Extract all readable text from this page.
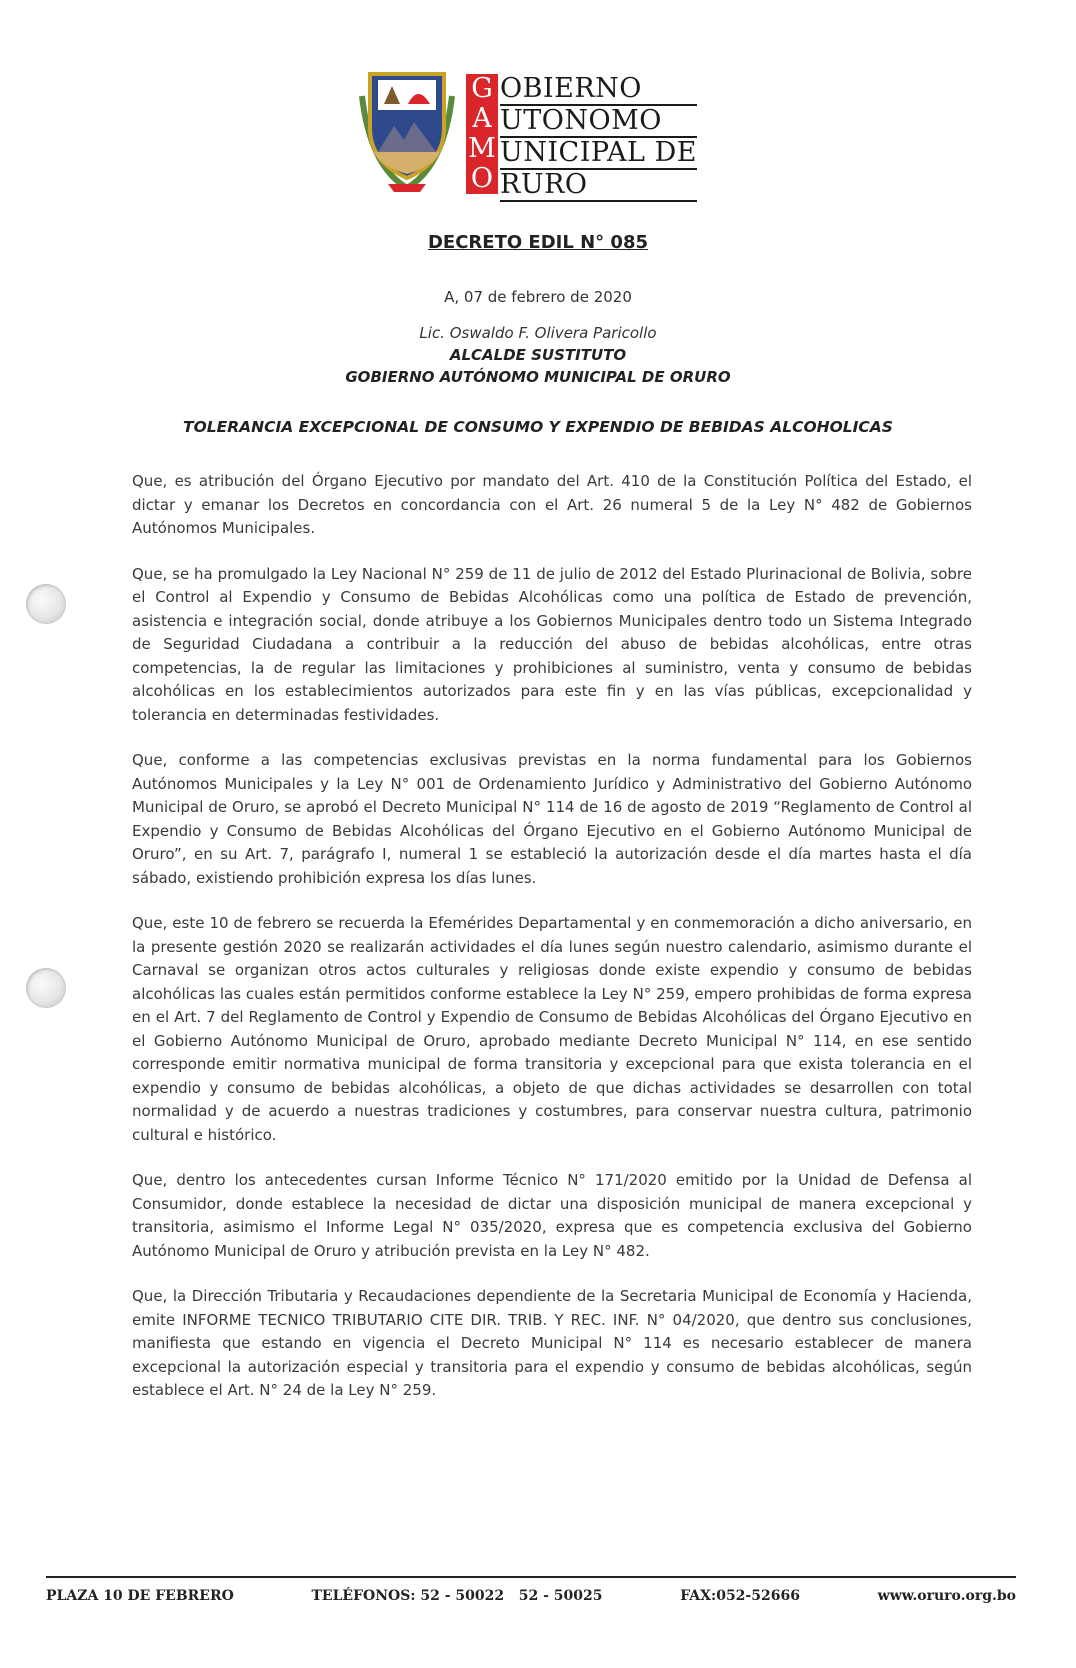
G
A
M
O
OBIERNO
UTONOMO
UNICIPAL DE
RURO
DECRETO EDIL N° 085
A, 07 de febrero de 2020
Lic. Oswaldo F. Olivera Paricollo
ALCALDE SUSTITUTO
GOBIERNO AUTÓNOMO MUNICIPAL DE ORURO
TOLERANCIA EXCEPCIONAL DE CONSUMO Y EXPENDIO DE BEBIDAS ALCOHOLICAS

Que, es atribución del Órgano Ejecutivo por mandato del Art. 410 de la Constitución Política del Estado, el dictar y emanar los Decretos en concordancia con el Art. 26 numeral 5 de la Ley N° 482 de Gobiernos Autónomos Municipales.

Que, se ha promulgado la Ley Nacional N° 259 de 11 de julio de 2012 del Estado Plurinacional de Bolivia, sobre el Control al Expendio y Consumo de Bebidas Alcohólicas como una política de Estado de prevención, asistencia e integración social, donde atribuye a los Gobiernos Municipales dentro todo un Sistema Integrado de Seguridad Ciudadana a contribuir a la reducción del abuso de bebidas alcohólicas, entre otras competencias, la de regular las limitaciones y prohibiciones al suministro, venta y consumo de bebidas alcohólicas en los establecimientos autorizados para este fin y en las vías públicas, excepcionalidad y tolerancia en determinadas festividades.

Que, conforme a las competencias exclusivas previstas en la norma fundamental para los Gobiernos Autónomos Municipales y la Ley N° 001 de Ordenamiento Jurídico y Administrativo del Gobierno Autónomo Municipal de Oruro, se aprobó el Decreto Municipal N° 114 de 16 de agosto de 2019 “Reglamento de Control al Expendio y Consumo de Bebidas Alcohólicas del Órgano Ejecutivo en el Gobierno Autónomo Municipal de Oruro”, en su Art. 7, parágrafo I, numeral 1 se estableció la autorización desde el día martes hasta el día sábado, existiendo prohibición expresa los días lunes.

Que, este 10 de febrero se recuerda la Efemérides Departamental y en conmemoración a dicho aniversario, en la presente gestión 2020 se realizarán actividades el día lunes según nuestro calendario, asimismo durante el Carnaval se organizan otros actos culturales y religiosas donde existe expendio y consumo de bebidas alcohólicas las cuales están permitidos conforme establece la Ley N° 259, empero prohibidas de forma expresa en el Art. 7 del Reglamento de Control y Expendio de Consumo de Bebidas Alcohólicas del Órgano Ejecutivo en el Gobierno Autónomo Municipal de Oruro, aprobado mediante Decreto Municipal N° 114, en ese sentido corresponde emitir normativa municipal de forma transitoria y excepcional para que exista tolerancia en el expendio y consumo de bebidas alcohólicas, a objeto de que dichas actividades se desarrollen con total normalidad y de acuerdo a nuestras tradiciones y costumbres, para conservar nuestra cultura, patrimonio cultural e histórico.

Que, dentro los antecedentes cursan Informe Técnico N° 171/2020 emitido por la Unidad de Defensa al Consumidor, donde establece la necesidad de dictar una disposición municipal de manera excepcional y transitoria, asimismo el Informe Legal N° 035/2020, expresa que es competencia exclusiva del Gobierno Autónomo Municipal de Oruro y atribución prevista en la Ley N° 482.

Que, la Dirección Tributaria y Recaudaciones dependiente de la Secretaria Municipal de Economía y Hacienda, emite INFORME TECNICO TRIBUTARIO CITE DIR. TRIB. Y REC. INF. N° 04/2020, que dentro sus conclusiones, manifiesta que estando en vigencia el Decreto Municipal N° 114 es necesario establecer de manera excepcional la autorización especial y transitoria para el expendio y consumo de bebidas alcohólicas, según establece el Art. N° 24 de la Ley N° 259.

PLAZA 10 DE FEBRERO	TELÉFONOS: 52 - 50022   52 - 50025	FAX:052-52666	www.oruro.org.bo
